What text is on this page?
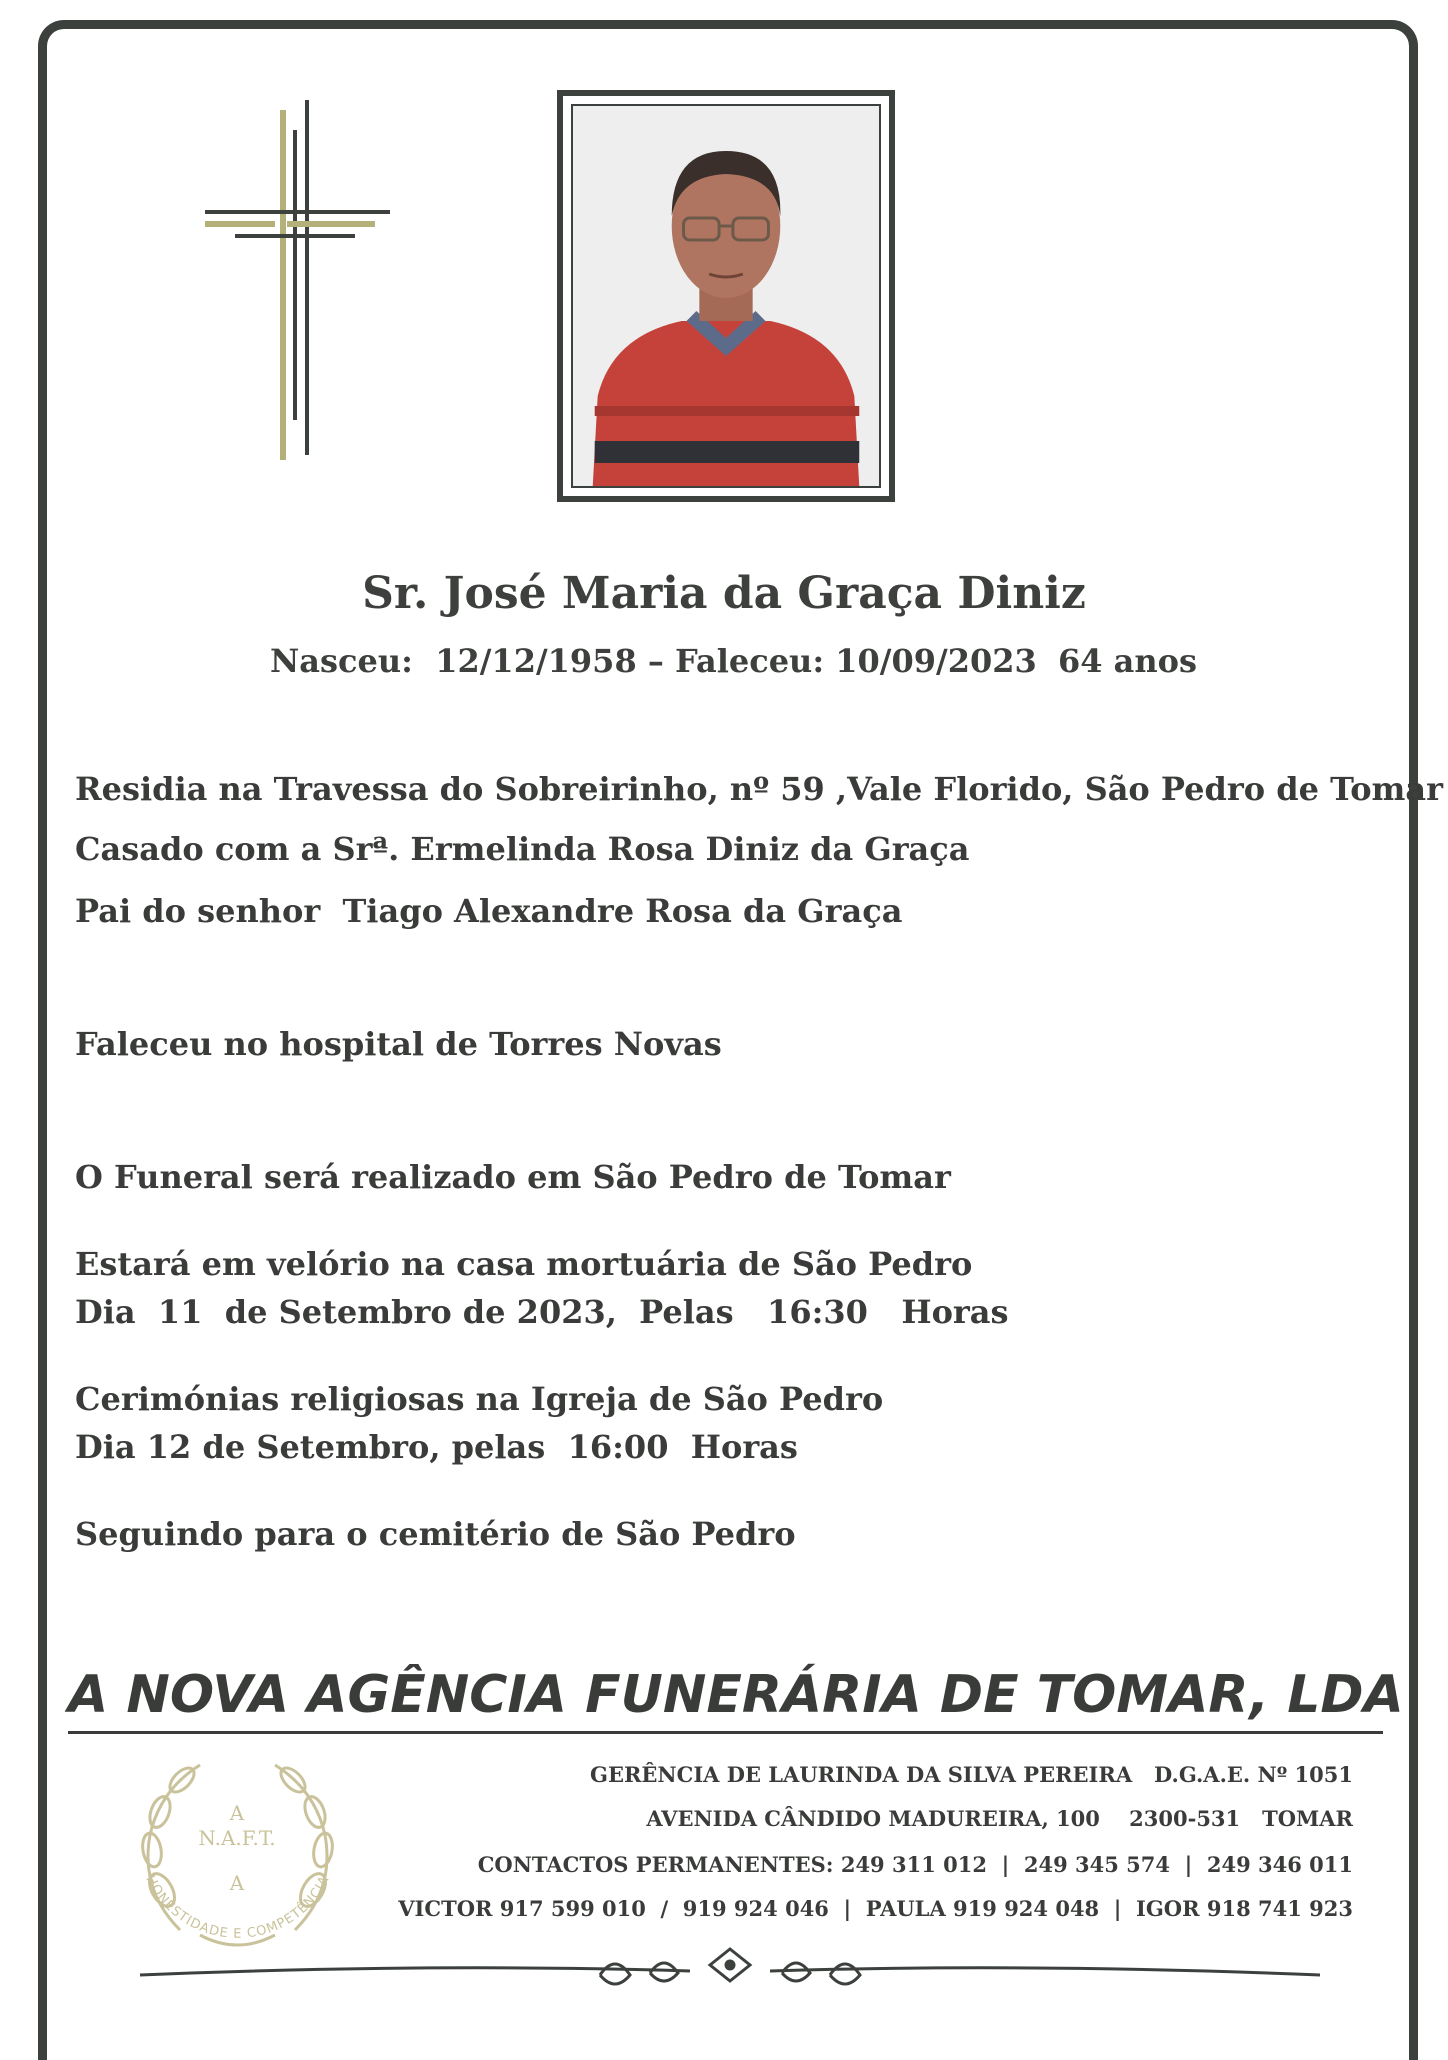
Sr. José Maria da Graça Diniz
Nasceu:  12/12/1958 – Faleceu: 10/09/2023 64 anos
Residia na Travessa do Sobreirinho, nº 59 ,Vale Florido, São Pedro de Tomar
Casado com a Srª. Ermelinda Rosa Diniz da Graça
Pai do senhor  Tiago Alexandre Rosa da Graça
Faleceu no hospital de Torres Novas
O Funeral será realizado em São Pedro de Tomar
Estará em velório na casa mortuária de São Pedro
Dia  11  de Setembro de 2023,  Pelas   16:30   Horas
Cerimónias religiosas na Igreja de São Pedro
Dia 12 de Setembro, pelas  16:00  Horas
Seguindo para o cemitério de São Pedro
A NOVA AGÊNCIA FUNERÁRIA DE TOMAR, LDA
GERÊNCIA DE LAURINDA DA SILVA PEREIRA   D.G.A.E. Nº 1051
AVENIDA CÂNDIDO MADUREIRA, 100    2300-531   TOMAR
CONTACTOS PERMANENTES: 249 311 012  |  249 345 574  |  249 346 011
VICTOR 917 599 010  /  919 924 046  |  PAULA 919 924 048  |  IGOR 918 741 923
A
N.A.F.T.
A
HONESTIDADE E COMPETÊNCIA
